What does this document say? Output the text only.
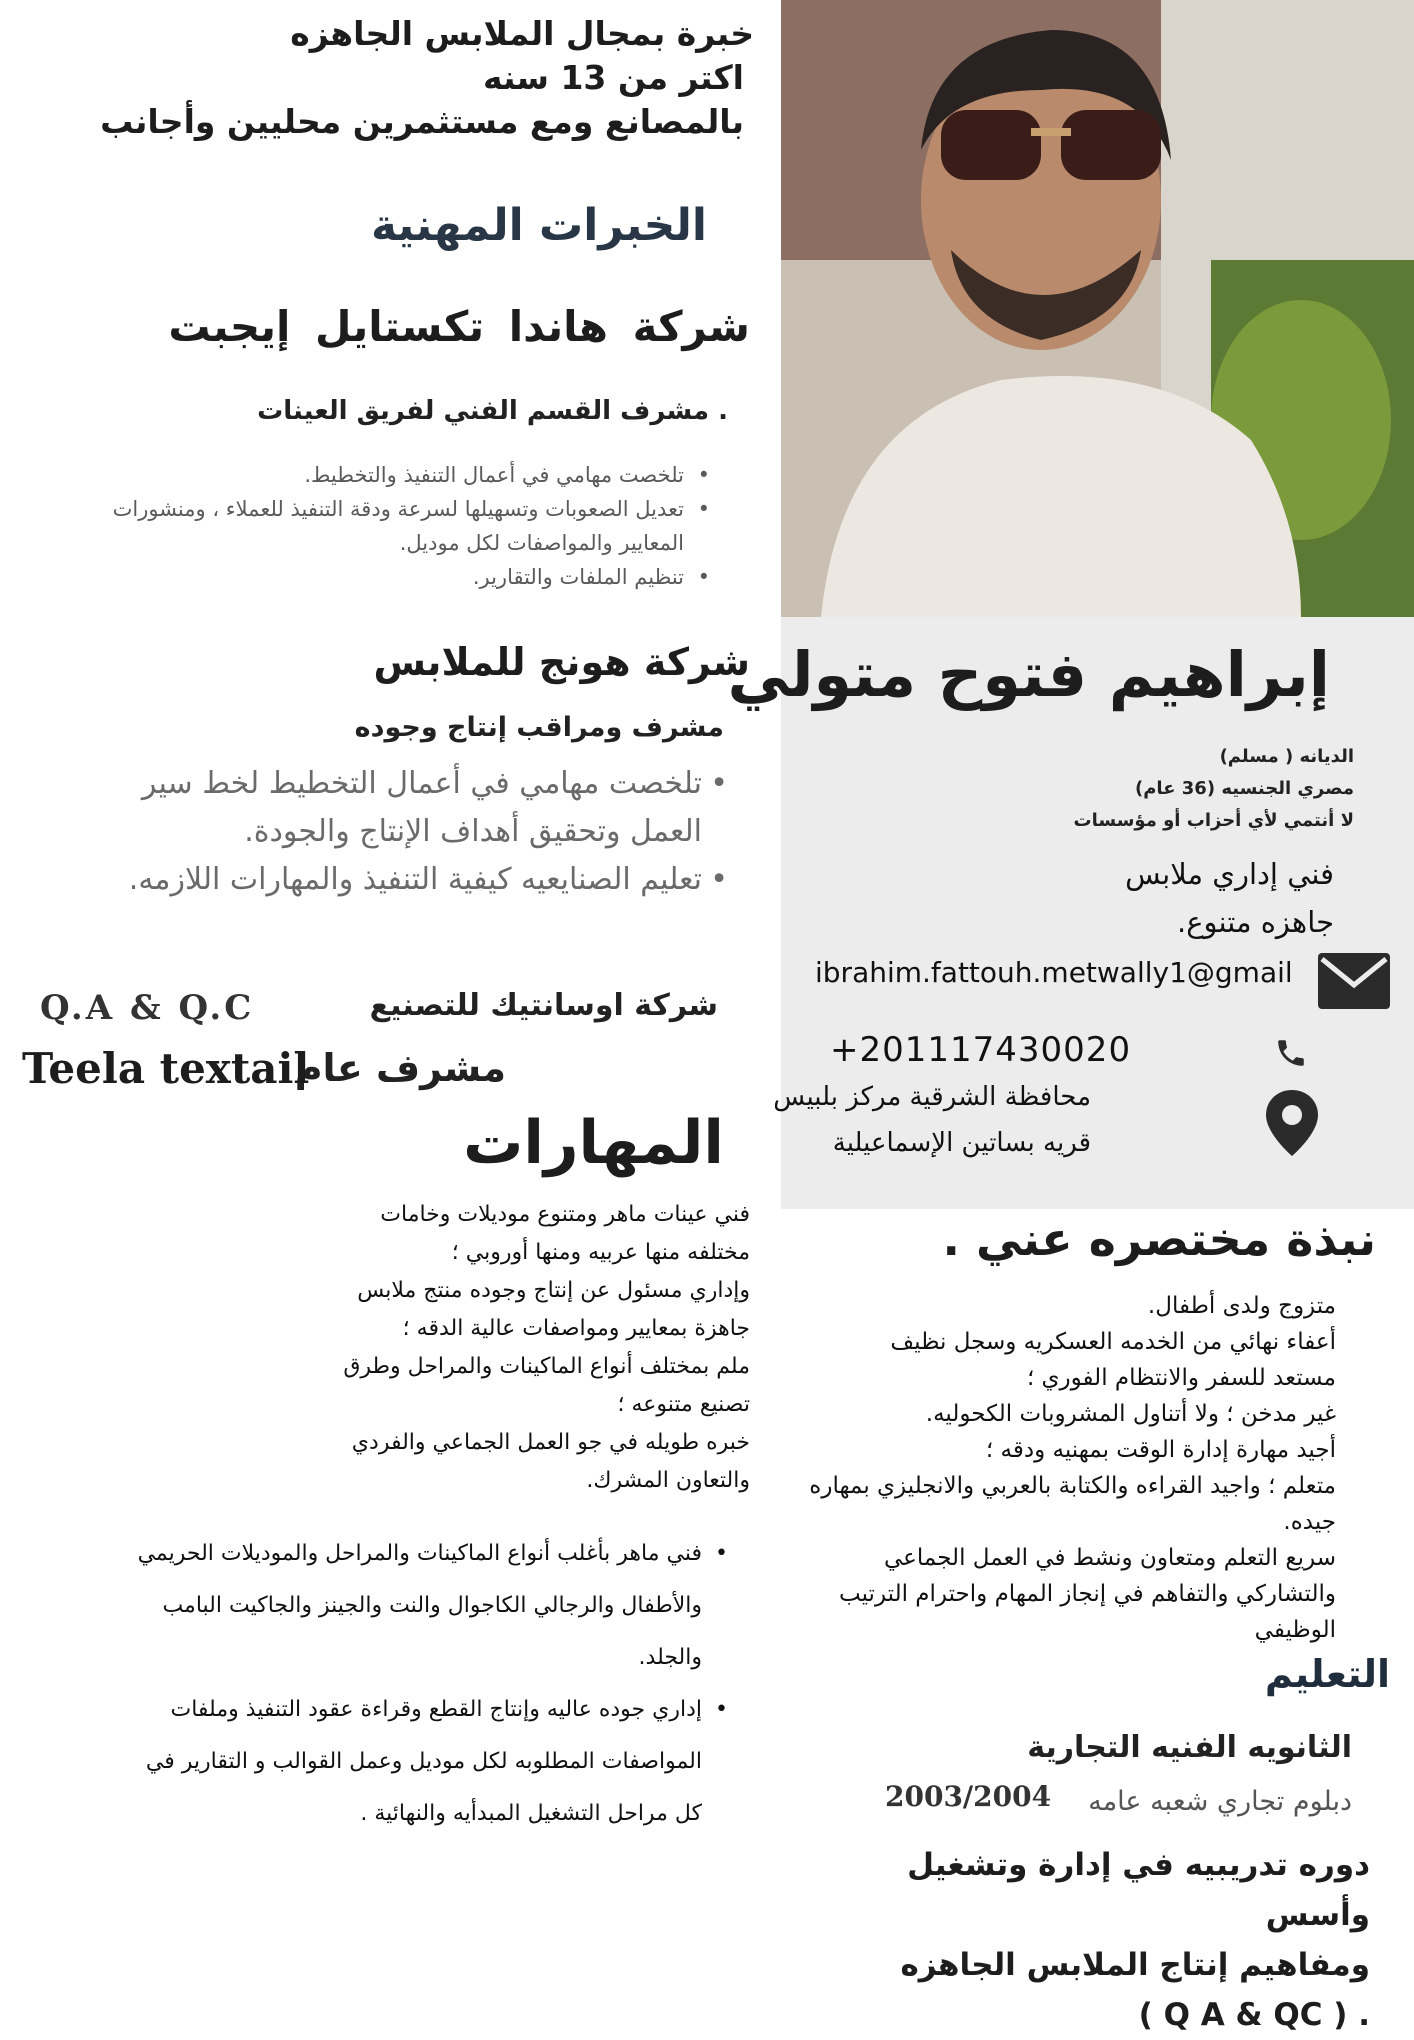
إبراهيم فتوح متولي
الديانه ( مسلم)
مصري الجنسيه (36 عام)
لا أنتمي لأي أحزاب أو مؤسسات
فني إداري ملابس
جاهزه متنوع.
ibrahim.fattouh.metwally1@gmail
+201117430020
محافظة الشرقية مركز بلبيس
قريه بساتين الإسماعيلية
نبذة مختصره عني .
متزوج ولدى أطفال.
أعفاء نهائي من الخدمه العسكريه وسجل نظيف
مستعد للسفر والانتظام الفوري ؛
غير مدخن ؛ ولا أتناول المشروبات الكحوليه.
أجيد مهارة إدارة الوقت بمهنيه ودقه ؛
متعلم ؛ واجيد القراءه والكتابة بالعربي والانجليزي بمهاره
جيده.
سريع التعلم ومتعاون ونشط في العمل الجماعي
والتشاركي والتفاهم في إنجاز المهام واحترام الترتيب الوظيفي
التعليم
الثانويه الفنيه التجارية
دبلوم تجاري شعبه عامه
2003/2004
دوره تدريبيه في إدارة وتشغيل وأسس
ومفاهيم إنتاج الملابس الجاهزه
. ( Q A & QC )
خبرة بمجال الملابس الجاهزه
اكتر من 13 سنه
بالمصانع ومع مستثمرين محليين وأجانب
الخبرات المهنية
شركة هاندا تكستايل إيجبت
. مشرف القسم الفني لفريق العينات
• تلخصت مهامي في أعمال التنفيذ والتخطيط.
• تعديل الصعوبات وتسهيلها لسرعة ودقة التنفيذ للعملاء ، ومنشورات المعايير والمواصفات لكل موديل.
• تنظيم الملفات والتقارير.
شركة هونج للملابس
مشرف ومراقب إنتاج وجوده
• تلخصت مهامي في أعمال التخطيط لخط سير العمل وتحقيق أهداف الإنتاج والجودة.
• تعليم الصنايعيه كيفية التنفيذ والمهارات اللازمه.
شركة اوسانتيك للتصنيع
Q.A & Q.C
مشرف عام
Teela textail
المهارات
فني عينات ماهر ومتنوع موديلات وخامات
مختلفه منها عربيه ومنها أوروبي ؛
وإداري مسئول عن إنتاج وجوده منتج ملابس
جاهزة بمعايير ومواصفات عالية الدقه ؛
ملم بمختلف أنواع الماكينات والمراحل وطرق
تصنيع متنوعه ؛
خبره طويله في جو العمل الجماعي والفردي
والتعاون المشرك.
• فني ماهر بأغلب أنواع الماكينات والمراحل والموديلات الحريمي والأطفال والرجالي الكاجوال والنت والجينز والجاكيت البامب والجلد.
• إداري جوده عاليه وإنتاج القطع وقراءة عقود التنفيذ وملفات المواصفات المطلوبه لكل موديل وعمل القوالب و التقارير في كل مراحل التشغيل المبدأيه والنهائية .
